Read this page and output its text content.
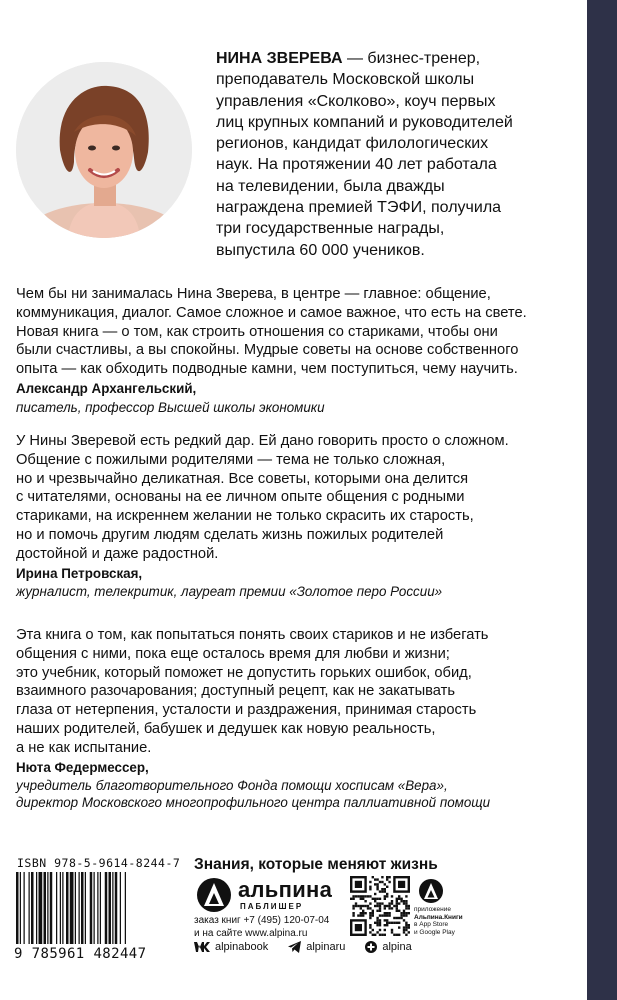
НИНА ЗВЕРЕВА — бизнес-тренер,
преподаватель Московской школы
управления «Сколково», коуч первых
лиц крупных компаний и руководителей
регионов, кандидат филологических
наук. На протяжении 40 лет работала
на телевидении, была дважды
награждена премией ТЭФИ, получила
три государственные награды,
выпустила 60 000 учеников.

Чем бы ни занималась Нина Зверева, в центре — главное: общение,

коммуникация, диалог. Самое сложное и самое важное, что есть на свете.

Новая книга — о том, как строить отношения со стариками, чтобы они

были счастливы, а вы спокойны. Мудрые советы на основе собственного

опыта — как обходить подводные камни, чем поступиться, чему научить.

Александр Архангельский,

писатель, профессор Высшей школы экономики

У Нины Зверевой есть редкий дар. Ей дано говорить просто о сложном.

Общение с пожилыми родителями — тема не только сложная,

но и чрезвычайно деликатная. Все советы, которыми она делится

с читателями, основаны на ее личном опыте общения с родными

стариками, на искреннем желании не только скрасить их старость,

но и помочь другим людям сделать жизнь пожилых родителей

достойной и даже радостной.

Ирина Петровская,

журналист, телекритик, лауреат премии «Золотое перо России»

Эта книга о том, как попытаться понять своих стариков и не избегать

общения с ними, пока еще осталось время для любви и жизни;

это учебник, который поможет не допустить горьких ошибок, обид,

взаимного разочарования; доступный рецепт, как не закатывать

глаза от нетерпения, усталости и раздражения, принимая старость

наших родителей, бабушек и дедушек как новую реальность,

а не как испытание.

Нюта Федермессер,

учредитель благотворительного Фонда помощи хосписам «Вера»,

директор Московского многопрофильного центра паллиативной помощи

ISBN 978-5-9614-8244-7
9 785961 482447
Знания, которые меняют жизнь
альпина
ПАБЛИШЕР
заказ книг +7 (495) 120-07-04
и на сайте www.alpina.ru
приложение
Альпина.Книги
в App Store
и Google Play
alpinabook	alpinaru	alpina
